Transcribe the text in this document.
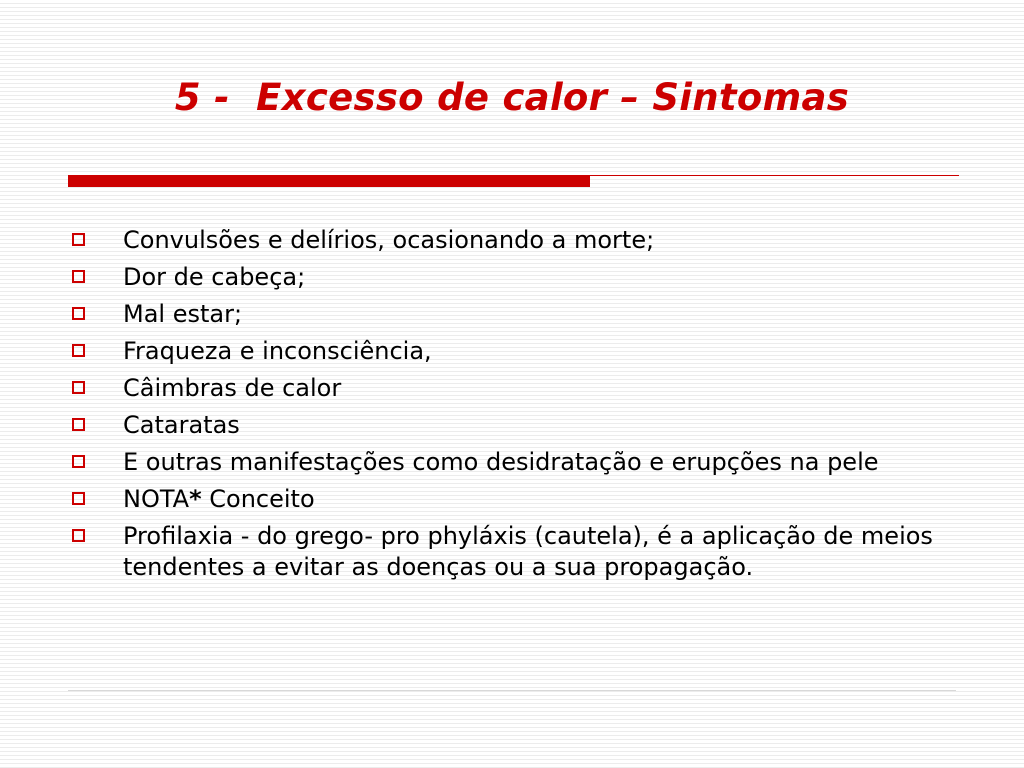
5 -  Excesso de calor – Sintomas
Convulsões e delírios, ocasionando a morte;
Dor de cabeça;
Mal estar;
Fraqueza e inconsciência,
Câimbras de calor
Cataratas
E outras manifestações como desidratação e erupções na pele
NOTA* Conceito
Profilaxia - do grego- pro phyláxis (cautela), é a aplicação de meios tendentes a evitar as doenças ou a sua propagação.
